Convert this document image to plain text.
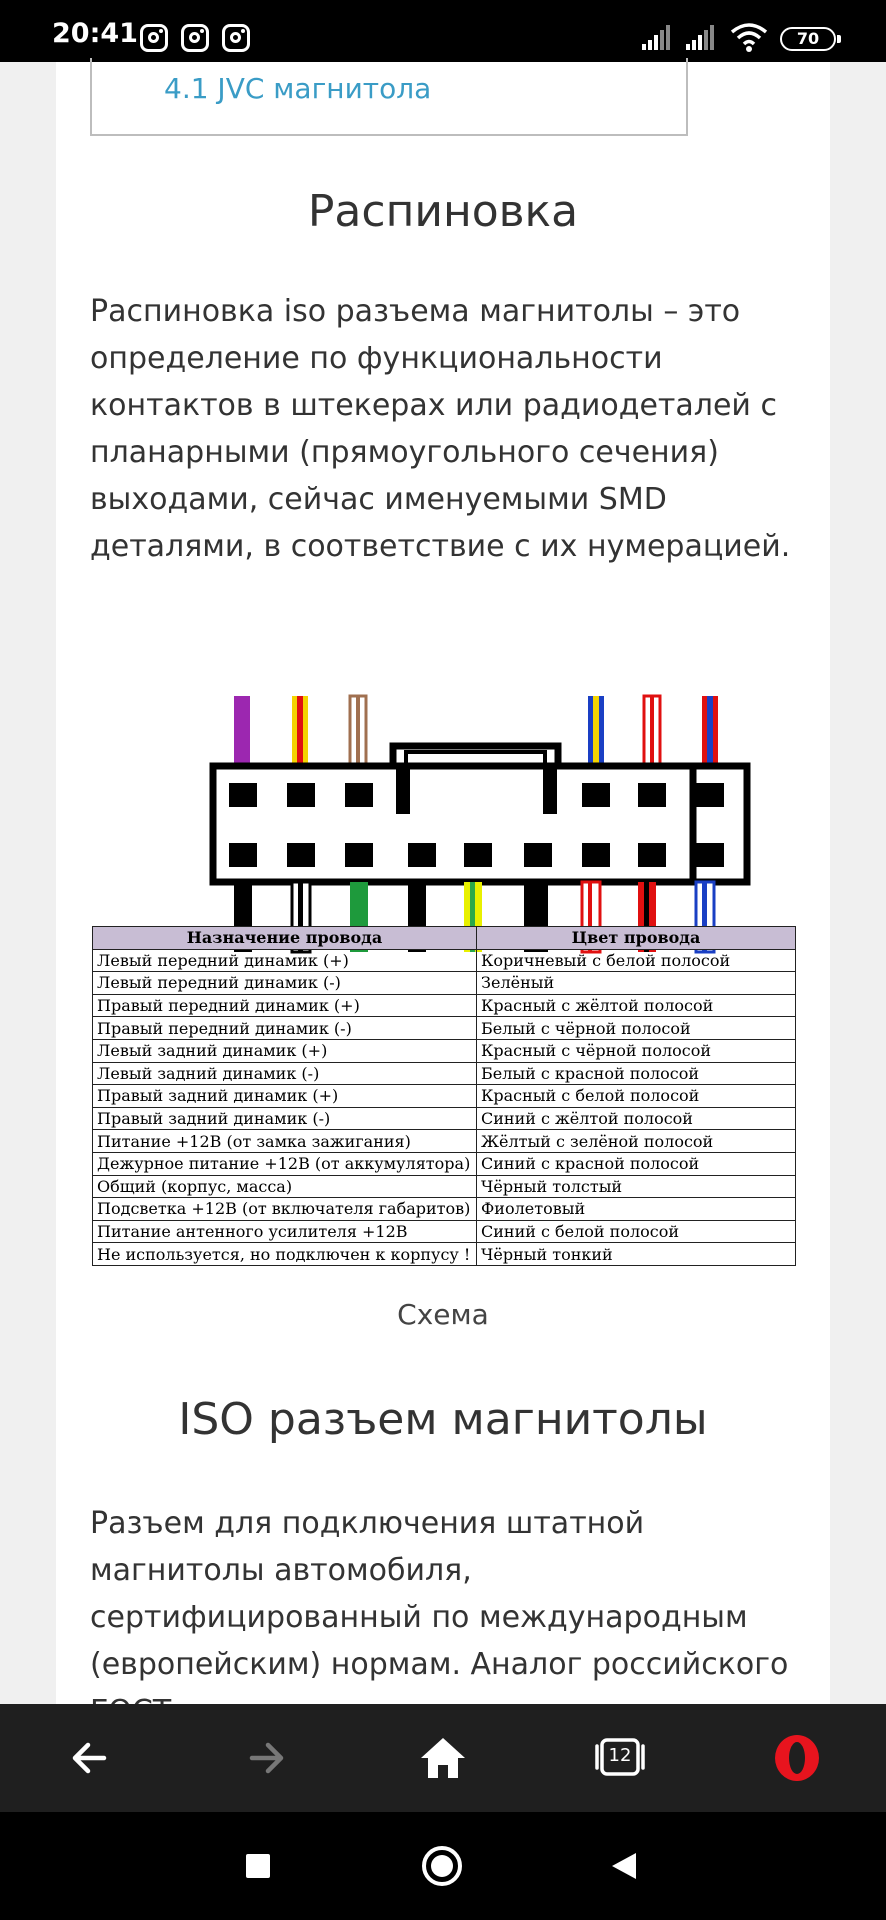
20:41	70
4.1 JVC магнитола
Распиновка
Распиновка iso разъема магнитолы – это
определение по функциональности
контактов в штекерах или радиодеталей с
планарными (прямоугольного сечения)
выходами, сейчас именуемыми SMD
деталями, в соответствие с их нумерацией.
Назначение провода	Цвет провода
Левый передний динамик (+)	Коричневый с белой полосой
Левый передний динамик (-)	Зелёный
Правый передний динамик (+)	Красный с жёлтой полосой
Правый передний динамик (-)	Белый с чёрной полосой
Левый задний динамик (+)	Красный с чёрной полосой
Левый задний динамик (-)	Белый с красной полосой
Правый задний динамик (+)	Красный с белой полосой
Правый задний динамик (-)	Синий с жёлтой полосой
Питание +12В (от замка зажигания)	Жёлтый с зелёной полосой
Дежурное питание +12В (от аккумулятора)	Синий с красной полосой
Общий (корпус, масса)	Чёрный толстый
Подсветка +12В (от включателя габаритов)	Фиолетовый
Питание антенного усилителя +12В	Синий с белой полосой
Не используется, но подключен к корпусу !	Чёрный тонкий
Схема
ISO разъем магнитолы
Разъем для подключения штатной
магнитолы автомобиля,
сертифицированный по международным
(европейским) нормам. Аналог российского

12
